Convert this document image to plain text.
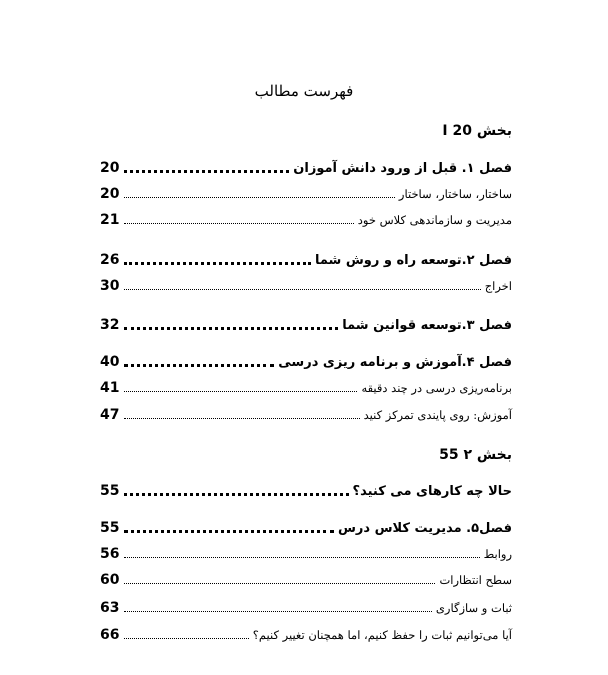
فهرست مطالب
بخش I 20
فصل ۱. قبل از ورود دانش آموزان
20
ساختار، ساختار، ساختار
20
مدیریت و سازماندهی کلاس خود
21
فصل ۲.توسعه راه و روش شما
26
اخراج
30
فصل ۳.توسعه قوانین شما
32
فصل ۴.آموزش و برنامه ریزی درسی
40
برنامه‌ریزی درسی در چند دقیقه
41
آموزش: روی پایندی تمرکز کنید
47
بخش ۲ 55
حالا چه کارهای می کنید؟
55
فصل۵. مدیریت کلاس درس
55
روابط
56
سطح انتظارات
60
ثبات و سازگاری
63
آیا می‌توانیم ثبات را حفظ کنیم، اما همچنان تغییر کنیم؟
66
